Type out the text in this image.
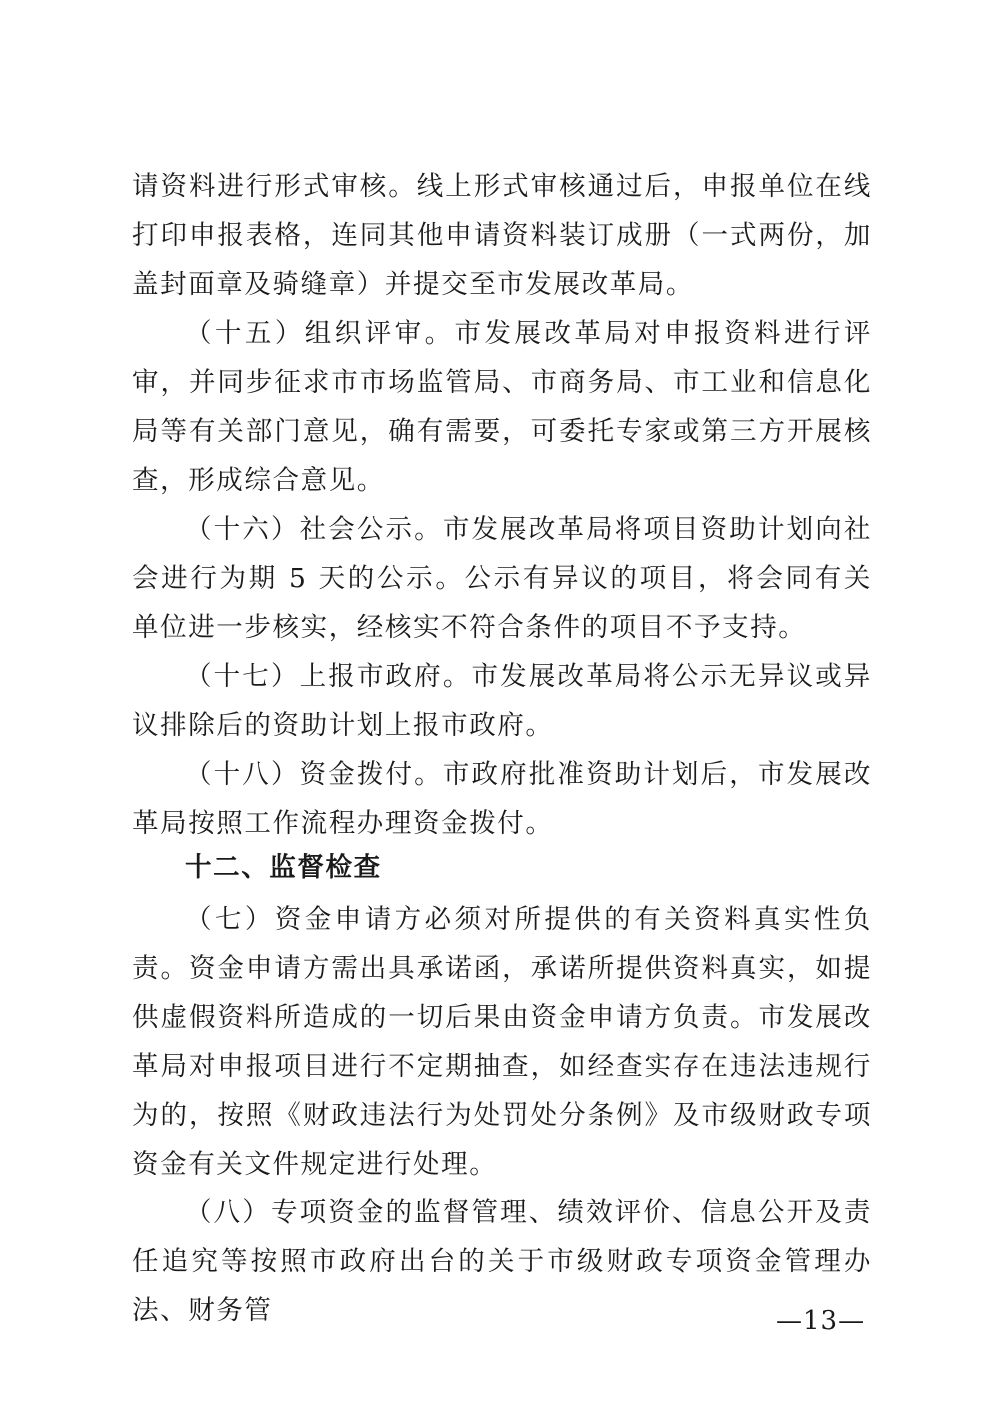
请资料进行形式审核。线上形式审核通过后，申报单位在线打印申报表格，连同其他申请资料装订成册（一式两份，加盖封面章及骑缝章）并提交至市发展改革局。

（十五）组织评审。市发展改革局对申报资料进行评审，并同步征求市市场监管局、市商务局、市工业和信息化局等有关部门意见，确有需要，可委托专家或第三方开展核查，形成综合意见。

（十六）社会公示。市发展改革局将项目资助计划向社会进行为期 5 天的公示。公示有异议的项目，将会同有关单位进一步核实，经核实不符合条件的项目不予支持。

（十七）上报市政府。市发展改革局将公示无异议或异议排除后的资助计划上报市政府。

（十八）资金拨付。市政府批准资助计划后，市发展改革局按照工作流程办理资金拨付。

十二、监督检查

（七）资金申请方必须对所提供的有关资料真实性负责。资金申请方需出具承诺函，承诺所提供资料真实，如提供虚假资料所造成的一切后果由资金申请方负责。市发展改革局对申报项目进行不定期抽查，如经查实存在违法违规行为的，按照《财政违法行为处罚处分条例》及市级财政专项资金有关文件规定进行处理。

（八）专项资金的监督管理、绩效评价、信息公开及责任追究等按照市政府出台的关于市级财政专项资金管理办法、财务管	—13—
